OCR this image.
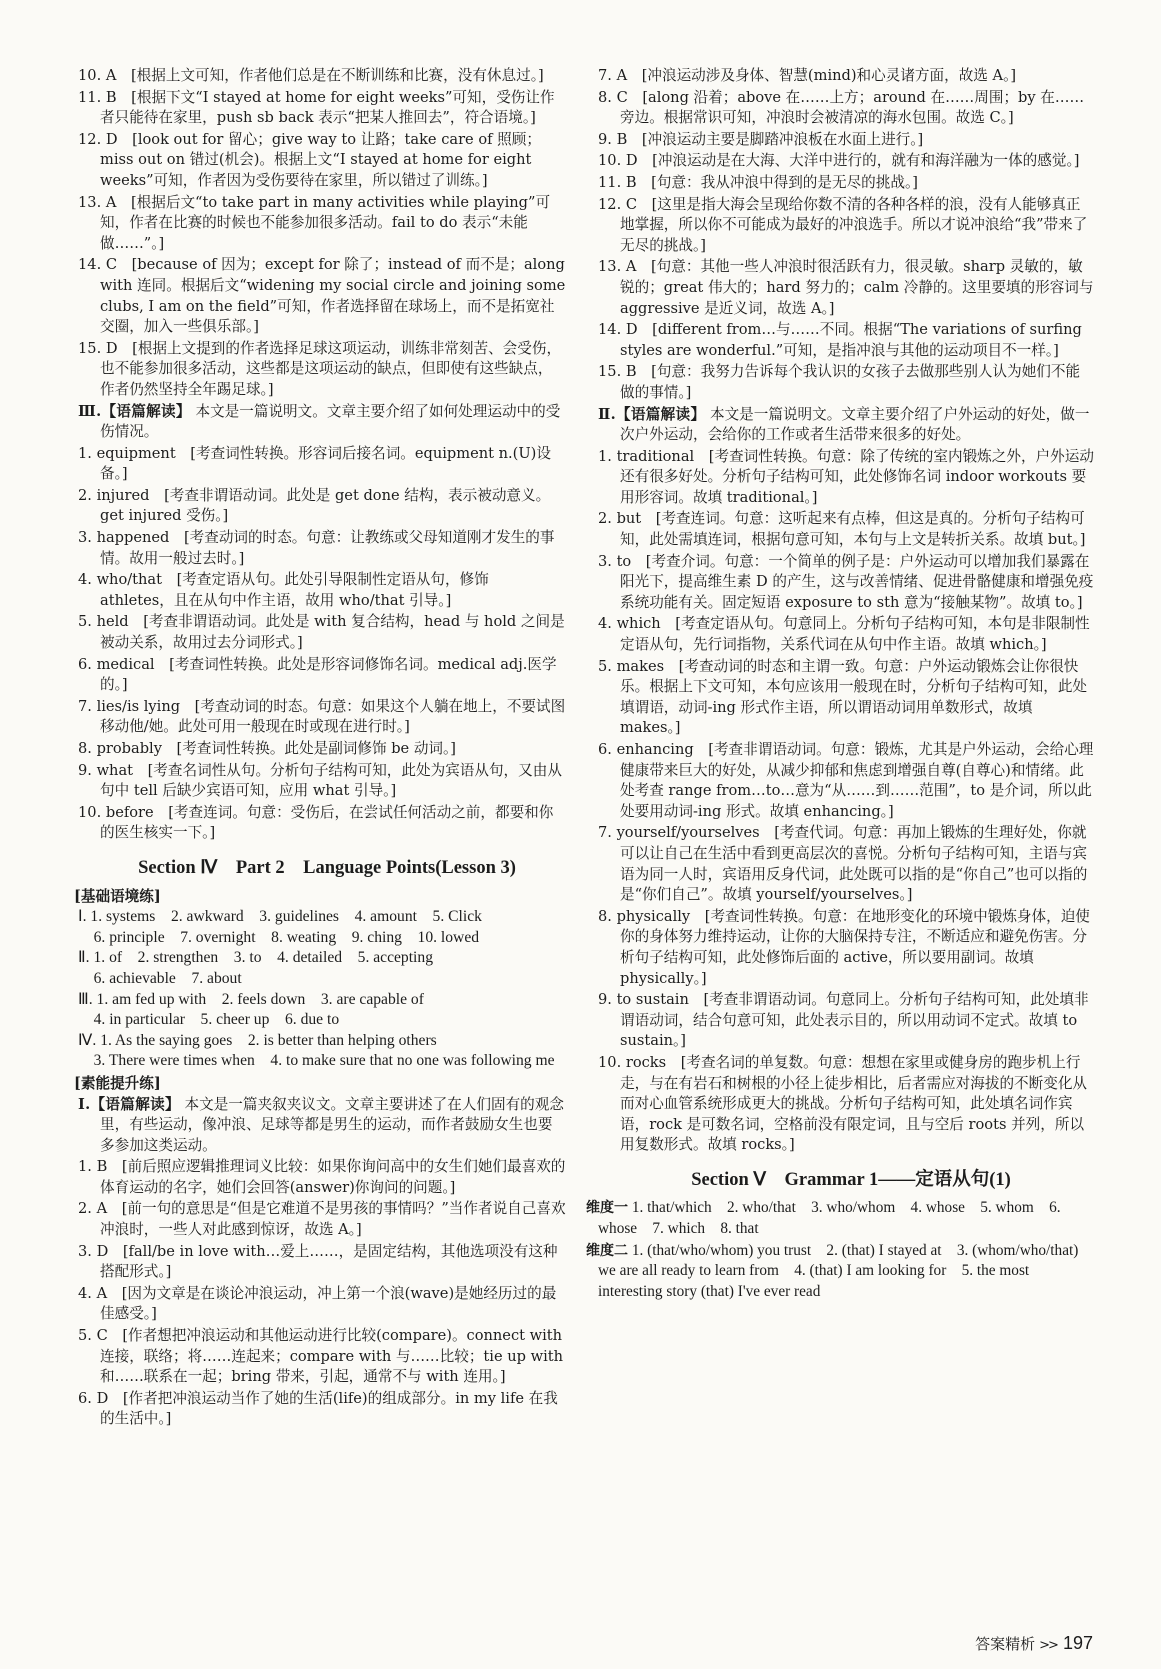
10. A　[根据上文可知，作者他们总是在不断训练和比赛，没有休息过。]
11. B　[根据下文“I stayed at home for eight weeks”可知，受伤让作者只能待在家里，push sb back 表示“把某人推回去”，符合语境。]
12. D　[look out for 留心；give way to 让路；take care of 照顾；miss out on 错过(机会)。根据上文“I stayed at home for eight weeks”可知，作者因为受伤要待在家里，所以错过了训练。]
13. A　[根据后文“to take part in many activities while playing”可知，作者在比赛的时候也不能参加很多活动。fail to do 表示“未能做……”。]
14. C　[because of 因为；except for 除了；instead of 而不是；along with 连同。根据后文“widening my social circle and joining some clubs, I am on the field”可知，作者选择留在球场上，而不是拓宽社交圈，加入一些俱乐部。]
15. D　[根据上文提到的作者选择足球这项运动，训练非常刻苦、会受伤，也不能参加很多活动，这些都是这项运动的缺点，但即使有这些缺点，作者仍然坚持全年踢足球。]
Ⅲ.【语篇解读】 本文是一篇说明文。文章主要介绍了如何处理运动中的受伤情况。
1. equipment　[考查词性转换。形容词后接名词。equipment n.(U)设备。]
2. injured　[考查非谓语动词。此处是 get done 结构，表示被动意义。get injured 受伤。]
3. happened　[考查动词的时态。句意：让教练或父母知道刚才发生的事情。故用一般过去时。]
4. who/that　[考查定语从句。此处引导限制性定语从句，修饰 athletes，且在从句中作主语，故用 who/that 引导。]
5. held　[考查非谓语动词。此处是 with 复合结构，head 与 hold 之间是被动关系，故用过去分词形式。]
6. medical　[考查词性转换。此处是形容词修饰名词。medical adj.医学的。]
7. lies/is lying　[考查动词的时态。句意：如果这个人躺在地上，不要试图移动他/她。此处可用一般现在时或现在进行时。]
8. probably　[考查词性转换。此处是副词修饰 be 动词。]
9. what　[考查名词性从句。分析句子结构可知，此处为宾语从句，又由从句中 tell 后缺少宾语可知，应用 what 引导。]
10. before　[考查连词。句意：受伤后，在尝试任何活动之前，都要和你的医生核实一下。]
Section Ⅳ　Part 2　Language Points(Lesson 3)
[基础语境练]
Ⅰ. 1. systems　2. awkward　3. guidelines　4. amount　5. Click
　6. principle　7. overnight　8. weating　9. ching　10. lowed
Ⅱ. 1. of　2. strengthen　3. to　4. detailed　5. accepting
　6. achievable　7. about
Ⅲ. 1. am fed up with　2. feels down　3. are capable of
　4. in particular　5. cheer up　6. due to
Ⅳ. 1. As the saying goes　2. is better than helping others
　3. There were times when　4. to make sure that no one was following me
[素能提升练]
Ⅰ.【语篇解读】 本文是一篇夹叙夹议文。文章主要讲述了在人们固有的观念里，有些运动，像冲浪、足球等都是男生的运动，而作者鼓励女生也要多参加这类运动。
1. B　[前后照应逻辑推理词义比较：如果你询问高中的女生们她们最喜欢的体育运动的名字，她们会回答(answer)你询问的问题。]
2. A　[前一句的意思是“但是它难道不是男孩的事情吗？”当作者说自己喜欢冲浪时，一些人对此感到惊讶，故选 A。]
3. D　[fall/be in love with…爱上……，是固定结构，其他选项没有这种搭配形式。]
4. A　[因为文章是在谈论冲浪运动，冲上第一个浪(wave)是她经历过的最佳感受。]
5. C　[作者想把冲浪运动和其他运动进行比较(compare)。connect with 连接，联络；将……连起来；compare with 与……比较；tie up with 和……联系在一起；bring 带来，引起，通常不与 with 连用。]
6. D　[作者把冲浪运动当作了她的生活(life)的组成部分。in my life 在我的生活中。]
7. A　[冲浪运动涉及身体、智慧(mind)和心灵诸方面，故选 A。]
8. C　[along 沿着；above 在……上方；around 在……周围；by 在……旁边。根据常识可知，冲浪时会被清凉的海水包围。故选 C。]
9. B　[冲浪运动主要是脚踏冲浪板在水面上进行。]
10. D　[冲浪运动是在大海、大洋中进行的，就有和海洋融为一体的感觉。]
11. B　[句意：我从冲浪中得到的是无尽的挑战。]
12. C　[这里是指大海会呈现给你数不清的各种各样的浪，没有人能够真正地掌握，所以你不可能成为最好的冲浪选手。所以才说冲浪给“我”带来了无尽的挑战。]
13. A　[句意：其他一些人冲浪时很活跃有力，很灵敏。sharp 灵敏的，敏锐的；great 伟大的；hard 努力的；calm 冷静的。这里要填的形容词与 aggressive 是近义词，故选 A。]
14. D　[different from…与……不同。根据“The variations of surfing styles are wonderful.”可知，是指冲浪与其他的运动项目不一样。]
15. B　[句意：我努力告诉每个我认识的女孩子去做那些别人认为她们不能做的事情。]
Ⅱ.【语篇解读】 本文是一篇说明文。文章主要介绍了户外运动的好处，做一次户外运动，会给你的工作或者生活带来很多的好处。
1. traditional　[考查词性转换。句意：除了传统的室内锻炼之外，户外运动还有很多好处。分析句子结构可知，此处修饰名词 indoor workouts 要用形容词。故填 traditional。]
2. but　[考查连词。句意：这听起来有点棒，但这是真的。分析句子结构可知，此处需填连词，根据句意可知，本句与上文是转折关系。故填 but。]
3. to　[考查介词。句意：一个简单的例子是：户外运动可以增加我们暴露在阳光下，提高维生素 D 的产生，这与改善情绪、促进骨骼健康和增强免疫系统功能有关。固定短语 exposure to sth 意为“接触某物”。故填 to。]
4. which　[考查定语从句。句意同上。分析句子结构可知，本句是非限制性定语从句，先行词指物，关系代词在从句中作主语。故填 which。]
5. makes　[考查动词的时态和主谓一致。句意：户外运动锻炼会让你很快乐。根据上下文可知，本句应该用一般现在时，分析句子结构可知，此处填谓语，动词-ing 形式作主语，所以谓语动词用单数形式，故填 makes。]
6. enhancing　[考查非谓语动词。句意：锻炼，尤其是户外运动，会给心理健康带来巨大的好处，从减少抑郁和焦虑到增强自尊(自尊心)和情绪。此处考查 range from…to…意为“从……到……范围”，to 是介词，所以此处要用动词-ing 形式。故填 enhancing。]
7. yourself/yourselves　[考查代词。句意：再加上锻炼的生理好处，你就可以让自己在生活中看到更高层次的喜悦。分析句子结构可知，主语与宾语为同一人时，宾语用反身代词，此处既可以指的是“你自己”也可以指的是“你们自己”。故填 yourself/yourselves。]
8. physically　[考查词性转换。句意：在地形变化的环境中锻炼身体，迫使你的身体努力维持运动，让你的大脑保持专注，不断适应和避免伤害。分析句子结构可知，此处修饰后面的 active，所以要用副词。故填 physically。]
9. to sustain　[考查非谓语动词。句意同上。分析句子结构可知，此处填非谓语动词，结合句意可知，此处表示目的，所以用动词不定式。故填 to sustain。]
10. rocks　[考查名词的单复数。句意：想想在家里或健身房的跑步机上行走，与在有岩石和树根的小径上徒步相比，后者需应对海拔的不断变化从而对心血管系统形成更大的挑战。分析句子结构可知，此处填名词作宾语，rock 是可数名词，空格前没有限定词，且与空后 roots 并列，所以用复数形式。故填 rocks。]
Section Ⅴ　Grammar 1——定语从句(1)
维度一 1. that/which　2. who/that　3. who/whom　4. whose　5. whom　6. whose　7. which　8. that
维度二 1. (that/who/whom) you trust　2. (that) I stayed at　3. (whom/who/that) we are all ready to learn from　4. (that) I am looking for　5. the most interesting story (that) I've ever read
答案精析 >> 197
